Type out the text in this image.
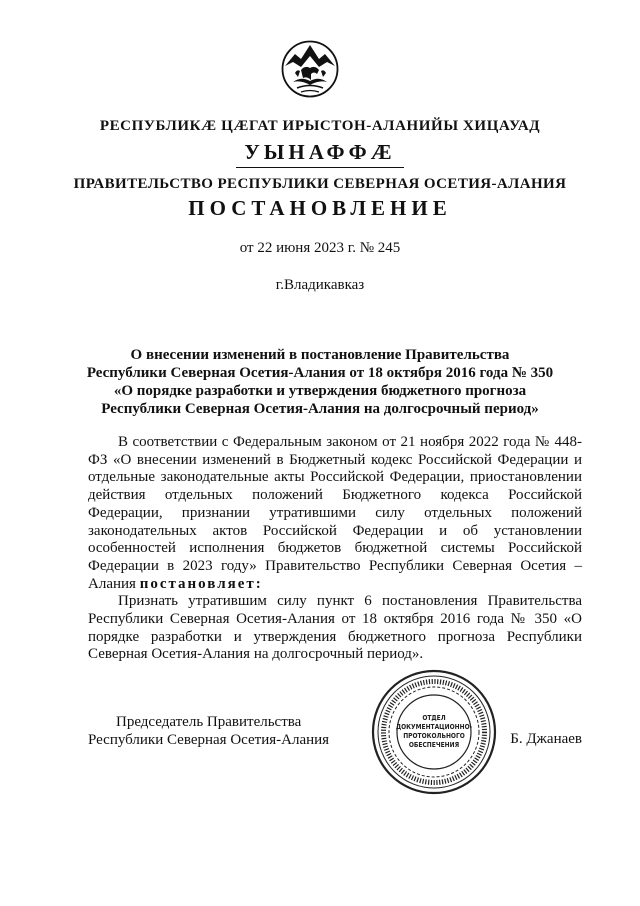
РЕСПУБЛИКӔ ЦӔГАТ ИРЫСТОН-АЛАНИЙЫ ХИЦАУАД
УЫНАФФӔ
ПРАВИТЕЛЬСТВО РЕСПУБЛИКИ СЕВЕРНАЯ ОСЕТИЯ-АЛАНИЯ
ПОСТАНОВЛЕНИЕ
от 22 июня 2023 г. № 245
г.Владикавказ
О внесении изменений в постановление Правительства
Республики Северная Осетия-Алания от 18 октября 2016 года № 350
«О порядке разработки и утверждения бюджетного прогноза
Республики Северная Осетия-Алания на долгосрочный период»

В соответствии с Федеральным законом от 21 ноября 2022 года № 448-ФЗ «О внесении изменений в Бюджетный кодекс Российской Федерации и отдельные законодательные акты Российской Федерации, приостановлении действия отдельных положений Бюджетного кодекса Российской Федерации, признании утратившими силу отдельных положений законодательных актов Российской Федерации и об установлении особенностей исполнения бюджетов бюджетной системы Российской Федерации в 2023 году» Правительство Республики Северная Осетия – Алания постановляет:

Признать утратившим силу пункт 6 постановления Правительства Республики Северная Осетия-Алания от 18 октября 2016 года № 350 «О порядке разработки и утверждения бюджетного прогноза Республики Северная Осетия-Алания на долгосрочный период».

Председатель Правительства
Республики Северная Осетия-Алания	Б. Джанаев
ОТДЕЛ
ДОКУМЕНТАЦИОННО-
ПРОТОКОЛЬНОГО
ОБЕСПЕЧЕНИЯ
